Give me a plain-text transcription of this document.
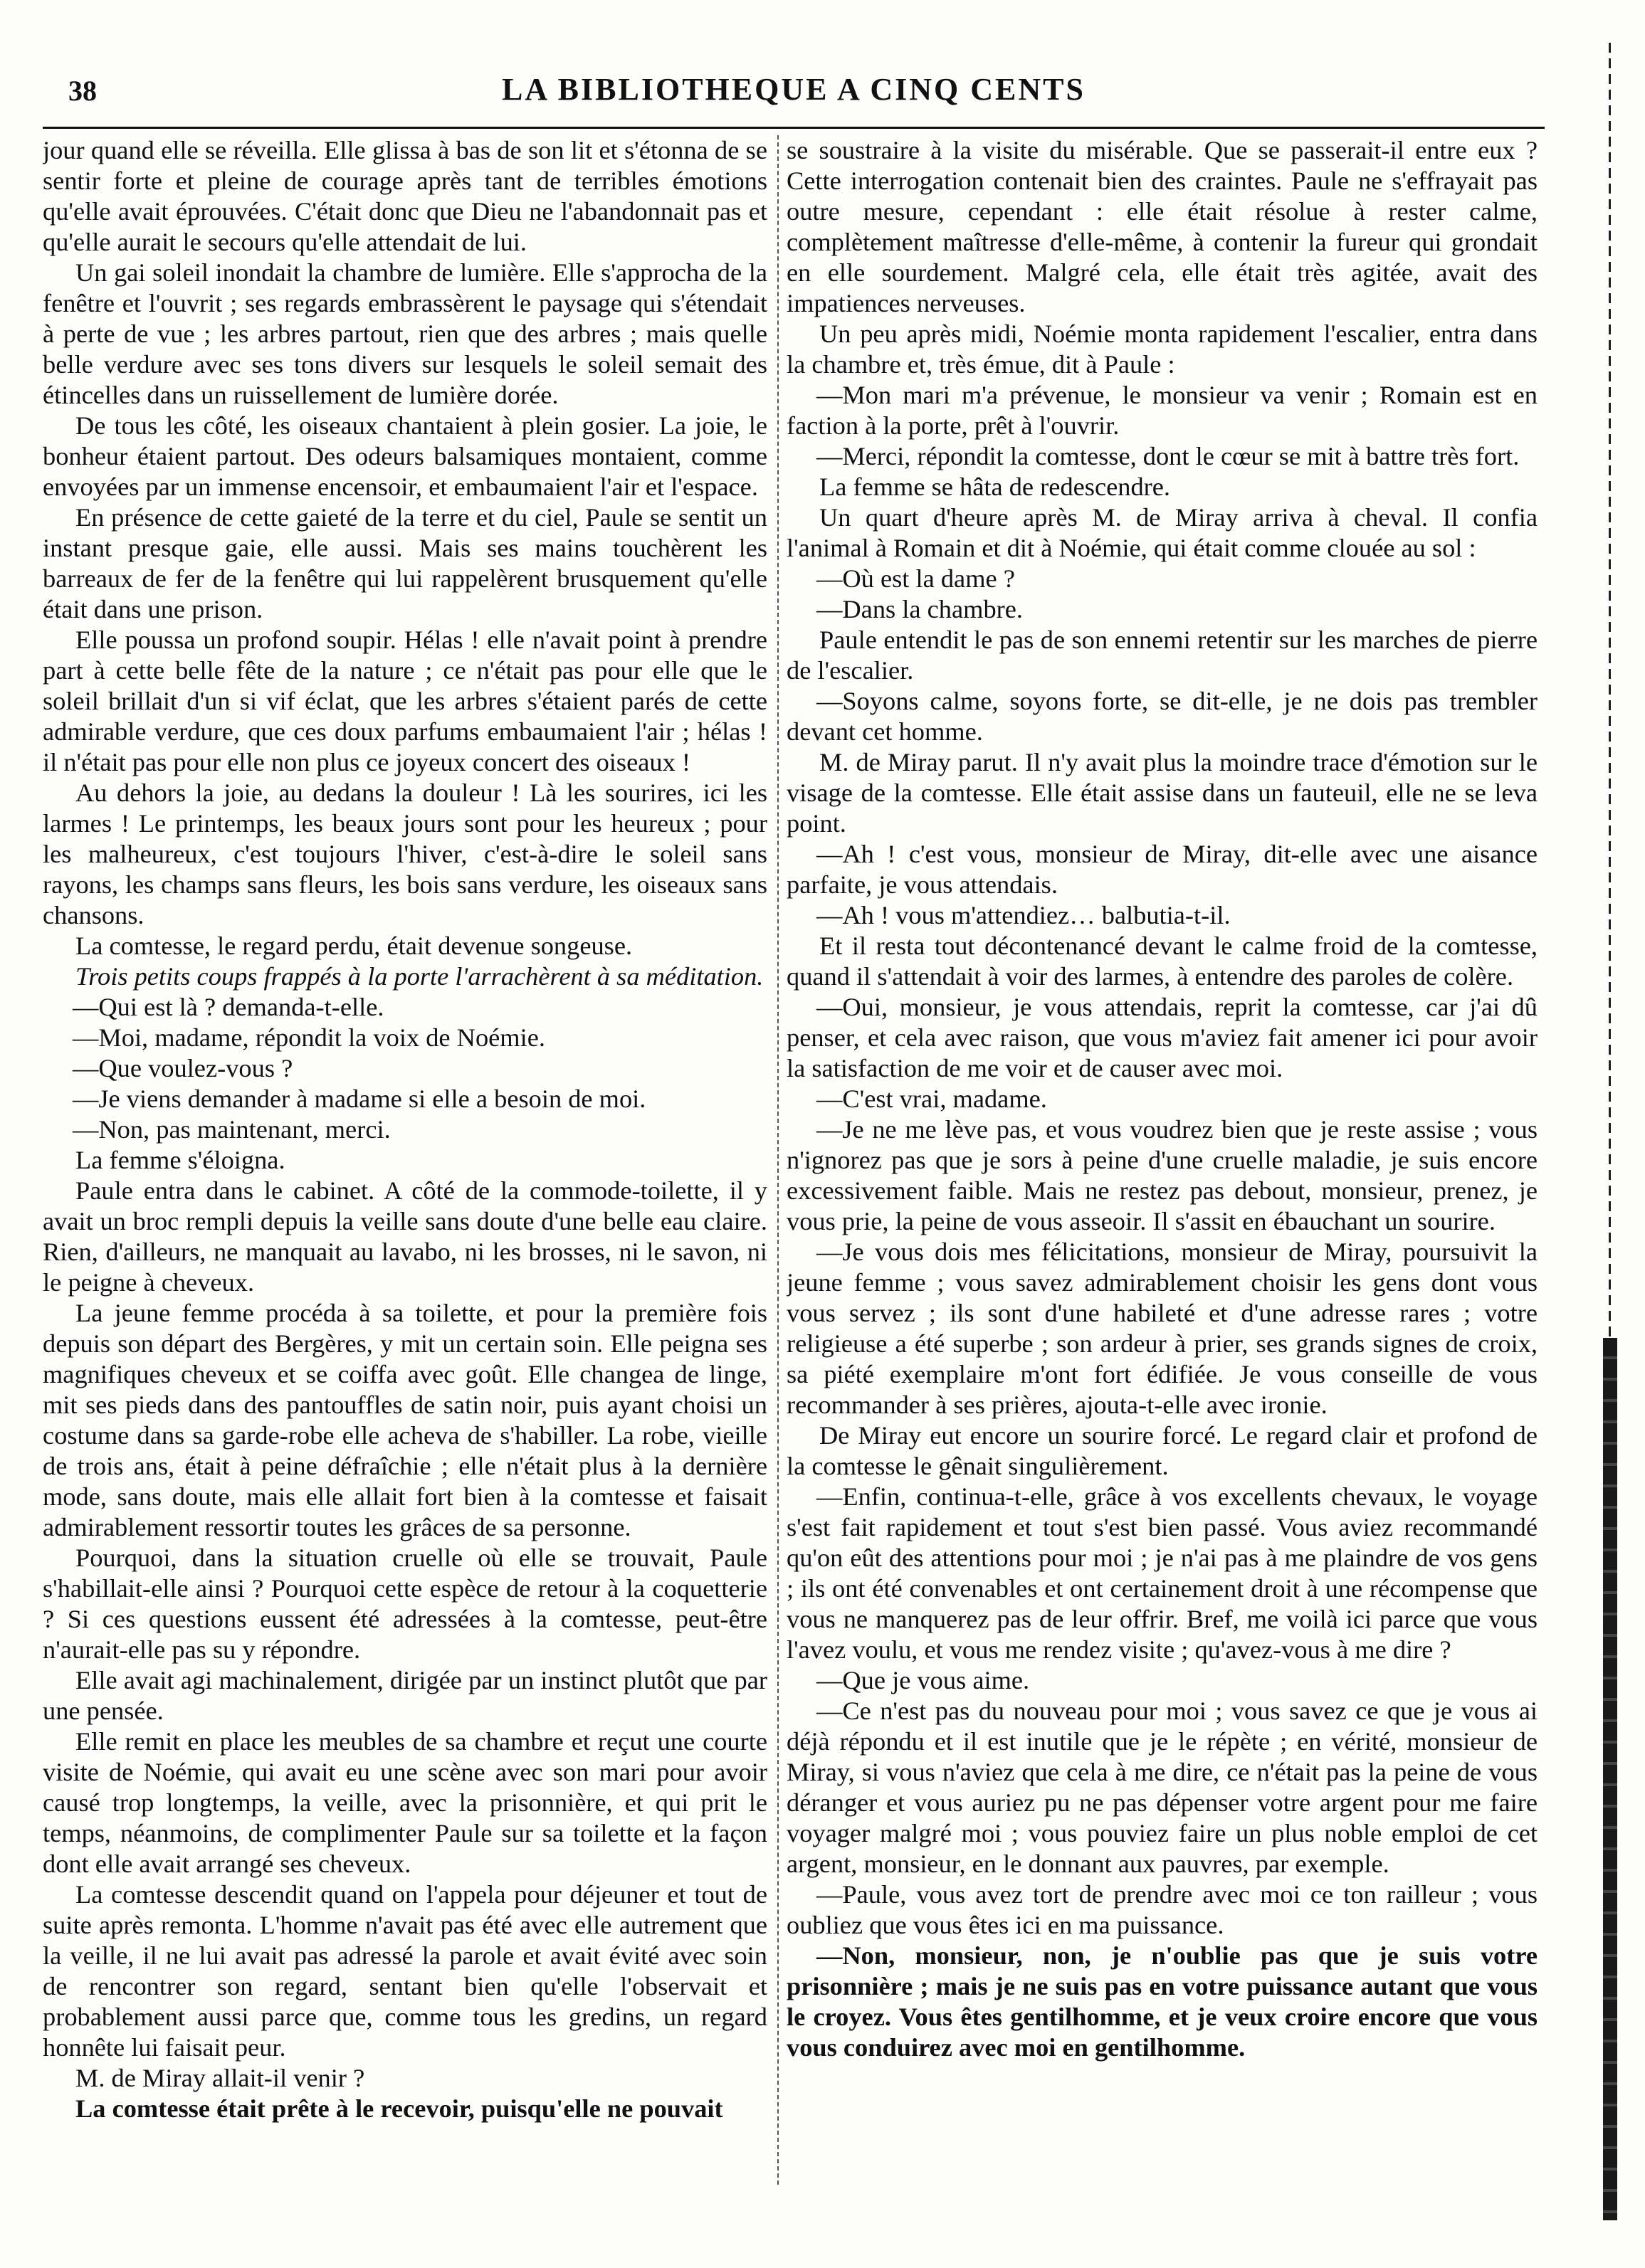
38	LA BIBLIOTHEQUE A CINQ CENTS

jour quand elle se réveilla. Elle glissa à bas de son lit et s'étonna de se sentir forte et pleine de courage après tant de terribles émotions qu'elle avait éprouvées. C'était donc que Dieu ne l'abandonnait pas et qu'elle aurait le secours qu'elle attendait de lui.

Un gai soleil inondait la chambre de lumière. Elle s'approcha de la fenêtre et l'ouvrit ; ses regards embrassèrent le paysage qui s'étendait à perte de vue ; les arbres partout, rien que des arbres ; mais quelle belle verdure avec ses tons divers sur lesquels le soleil semait des étincelles dans un ruissellement de lumière dorée.

De tous les côté, les oiseaux chantaient à plein gosier. La joie, le bonheur étaient partout. Des odeurs balsamiques montaient, comme envoyées par un immense encensoir, et embaumaient l'air et l'espace.

En présence de cette gaieté de la terre et du ciel, Paule se sentit un instant presque gaie, elle aussi. Mais ses mains touchèrent les barreaux de fer de la fenêtre qui lui rappelèrent brusquement qu'elle était dans une prison.

Elle poussa un profond soupir. Hélas ! elle n'avait point à prendre part à cette belle fête de la nature ; ce n'était pas pour elle que le soleil brillait d'un si vif éclat, que les arbres s'étaient parés de cette admirable verdure, que ces doux parfums embaumaient l'air ; hélas ! il n'était pas pour elle non plus ce joyeux concert des oiseaux !

Au dehors la joie, au dedans la douleur ! Là les sourires, ici les larmes ! Le printemps, les beaux jours sont pour les heureux ; pour les malheureux, c'est toujours l'hiver, c'est-à-dire le soleil sans rayons, les champs sans fleurs, les bois sans verdure, les oiseaux sans chansons.

La comtesse, le regard perdu, était devenue songeuse.

Trois petits coups frappés à la porte l'arrachèrent à sa méditation.

—Qui est là ? demanda-t-elle.

—Moi, madame, répondit la voix de Noémie.

—Que voulez-vous ?

—Je viens demander à madame si elle a besoin de moi.

—Non, pas maintenant, merci.

La femme s'éloigna.

Paule entra dans le cabinet. A côté de la commode-toilette, il y avait un broc rempli depuis la veille sans doute d'une belle eau claire. Rien, d'ailleurs, ne manquait au lavabo, ni les brosses, ni le savon, ni le peigne à cheveux.

La jeune femme procéda à sa toilette, et pour la première fois depuis son départ des Bergères, y mit un certain soin. Elle peigna ses magnifiques cheveux et se coiffa avec goût. Elle changea de linge, mit ses pieds dans des pantouffles de satin noir, puis ayant choisi un costume dans sa garde-robe elle acheva de s'habiller. La robe, vieille de trois ans, était à peine défraîchie ; elle n'était plus à la dernière mode, sans doute, mais elle allait fort bien à la comtesse et faisait admirablement ressortir toutes les grâces de sa personne.

Pourquoi, dans la situation cruelle où elle se trouvait, Paule s'habillait-elle ainsi ? Pourquoi cette espèce de retour à la coquetterie ? Si ces questions eussent été adressées à la comtesse, peut-être n'aurait-elle pas su y répondre.

Elle avait agi machinalement, dirigée par un instinct plutôt que par une pensée.

Elle remit en place les meubles de sa chambre et reçut une courte visite de Noémie, qui avait eu une scène avec son mari pour avoir causé trop longtemps, la veille, avec la prisonnière, et qui prit le temps, néanmoins, de complimenter Paule sur sa toilette et la façon dont elle avait arrangé ses cheveux.

La comtesse descendit quand on l'appela pour déjeuner et tout de suite après remonta. L'homme n'avait pas été avec elle autrement que la veille, il ne lui avait pas adressé la parole et avait évité avec soin de rencontrer son regard, sentant bien qu'elle l'observait et probablement aussi parce que, comme tous les gredins, un regard honnête lui faisait peur.

M. de Miray allait-il venir ?

La comtesse était prête à le recevoir, puisqu'elle ne pouvait

se soustraire à la visite du misérable. Que se passerait-il entre eux ? Cette interrogation contenait bien des craintes. Paule ne s'effrayait pas outre mesure, cependant : elle était résolue à rester calme, complètement maîtresse d'elle-même, à contenir la fureur qui grondait en elle sourdement. Malgré cela, elle était très agitée, avait des impatiences nerveuses.

Un peu après midi, Noémie monta rapidement l'escalier, entra dans la chambre et, très émue, dit à Paule :

—Mon mari m'a prévenue, le monsieur va venir ; Romain est en faction à la porte, prêt à l'ouvrir.

—Merci, répondit la comtesse, dont le cœur se mit à battre très fort.

La femme se hâta de redescendre.

Un quart d'heure après M. de Miray arriva à cheval. Il confia l'animal à Romain et dit à Noémie, qui était comme clouée au sol :

—Où est la dame ?

—Dans la chambre.

Paule entendit le pas de son ennemi retentir sur les marches de pierre de l'escalier.

—Soyons calme, soyons forte, se dit-elle, je ne dois pas trembler devant cet homme.

M. de Miray parut. Il n'y avait plus la moindre trace d'émotion sur le visage de la comtesse. Elle était assise dans un fauteuil, elle ne se leva point.

—Ah ! c'est vous, monsieur de Miray, dit-elle avec une aisance parfaite, je vous attendais.

—Ah ! vous m'attendiez… balbutia-t-il.

Et il resta tout décontenancé devant le calme froid de la comtesse, quand il s'attendait à voir des larmes, à entendre des paroles de colère.

—Oui, monsieur, je vous attendais, reprit la comtesse, car j'ai dû penser, et cela avec raison, que vous m'aviez fait amener ici pour avoir la satisfaction de me voir et de causer avec moi.

—C'est vrai, madame.

—Je ne me lève pas, et vous voudrez bien que je reste assise ; vous n'ignorez pas que je sors à peine d'une cruelle maladie, je suis encore excessivement faible. Mais ne restez pas debout, monsieur, prenez, je vous prie, la peine de vous asseoir. Il s'assit en ébauchant un sourire.

—Je vous dois mes félicitations, monsieur de Miray, poursuivit la jeune femme ; vous savez admirablement choisir les gens dont vous vous servez ; ils sont d'une habileté et d'une adresse rares ; votre religieuse a été superbe ; son ardeur à prier, ses grands signes de croix, sa piété exemplaire m'ont fort édifiée. Je vous conseille de vous recommander à ses prières, ajouta-t-elle avec ironie.

De Miray eut encore un sourire forcé. Le regard clair et profond de la comtesse le gênait singulièrement.

—Enfin, continua-t-elle, grâce à vos excellents chevaux, le voyage s'est fait rapidement et tout s'est bien passé. Vous aviez recommandé qu'on eût des attentions pour moi ; je n'ai pas à me plaindre de vos gens ; ils ont été convenables et ont certainement droit à une récompense que vous ne manquerez pas de leur offrir. Bref, me voilà ici parce que vous l'avez voulu, et vous me rendez visite ; qu'avez-vous à me dire ?

—Que je vous aime.

—Ce n'est pas du nouveau pour moi ; vous savez ce que je vous ai déjà répondu et il est inutile que je le répète ; en vérité, monsieur de Miray, si vous n'aviez que cela à me dire, ce n'était pas la peine de vous déranger et vous auriez pu ne pas dépenser votre argent pour me faire voyager malgré moi ; vous pouviez faire un plus noble emploi de cet argent, monsieur, en le donnant aux pauvres, par exemple.

—Paule, vous avez tort de prendre avec moi ce ton railleur ; vous oubliez que vous êtes ici en ma puissance.

—Non, monsieur, non, je n'oublie pas que je suis votre prisonnière ; mais je ne suis pas en votre puissance autant que vous le croyez. Vous êtes gentilhomme, et je veux croire encore que vous vous conduirez avec moi en gentilhomme.
